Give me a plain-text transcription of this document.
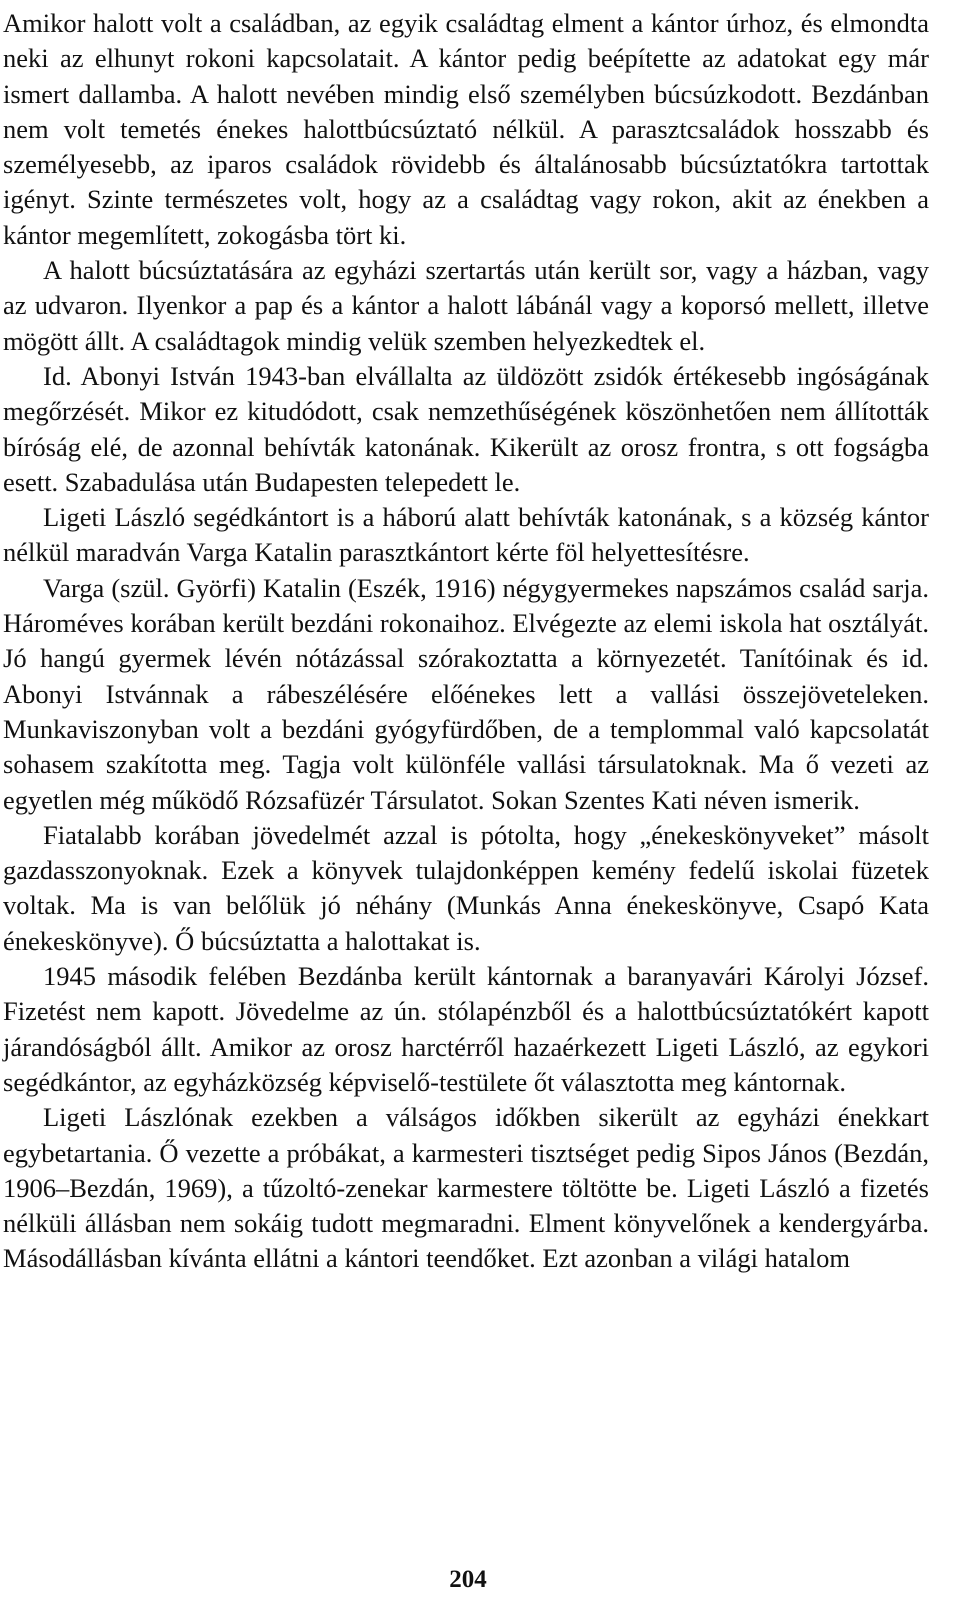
Amikor halott volt a családban, az egyik családtag elment a kántor úrhoz, és elmondta neki az elhunyt rokoni kapcsolatait. A kántor pedig beépítette az adatokat egy már ismert dallamba. A halott nevében mindig első személyben búcsúzkodott. Bezdánban nem volt temetés énekes halottbúcsúztató nélkül. A parasztcsaládok hosszabb és személyesebb, az iparos családok rövidebb és általánosabb búcsúztatókra tartottak igényt. Szinte természetes volt, hogy az a családtag vagy rokon, akit az énekben a kántor megemlített, zokogásba tört ki.

A halott búcsúztatására az egyházi szertartás után került sor, vagy a házban, vagy az udvaron. Ilyenkor a pap és a kántor a halott lábánál vagy a koporsó mellett, illetve mögött állt. A családtagok mindig velük szemben helyezkedtek el.

Id. Abonyi István 1943-ban elvállalta az üldözött zsidók értékesebb ingóságának megőrzését. Mikor ez kitudódott, csak nemzethűségének köszönhetően nem állították bíróság elé, de azonnal behívták katonának. Kikerült az orosz frontra, s ott fogságba esett. Szabadulása után Budapesten telepedett le.

Ligeti László segédkántort is a háború alatt behívták katonának, s a község kántor nélkül maradván Varga Katalin parasztkántort kérte föl helyettesítésre.

Varga (szül. Györfi) Katalin (Eszék, 1916) négygyermekes napszámos család sarja. Hároméves korában került bezdáni rokonaihoz. Elvégezte az elemi iskola hat osztályát. Jó hangú gyermek lévén nótázással szórakoztatta a környezetét. Tanítóinak és id. Abonyi Istvánnak a rábeszélésére előénekes lett a vallási összejöveteleken. Munkaviszonyban volt a bezdáni gyógyfürdőben, de a templommal való kapcsolatát sohasem szakította meg. Tagja volt különféle vallási társulatoknak. Ma ő vezeti az egyetlen még működő Rózsafüzér Társulatot. Sokan Szentes Kati néven ismerik.

Fiatalabb korában jövedelmét azzal is pótolta, hogy „énekeskönyveket” másolt gazdasszonyoknak. Ezek a könyvek tulajdonképpen kemény fedelű iskolai füzetek voltak. Ma is van belőlük jó néhány (Munkás Anna énekeskönyve, Csapó Kata énekeskönyve). Ő búcsúztatta a halottakat is.

1945 második felében Bezdánba került kántornak a baranyavári Károlyi József. Fizetést nem kapott. Jövedelme az ún. stólapénzből és a halottbúcsúztatókért kapott járandóságból állt. Amikor az orosz harctérről hazaérkezett Ligeti László, az egykori segédkántor, az egyházközség képviselő-testülete őt választotta meg kántornak.

Ligeti Lászlónak ezekben a válságos időkben sikerült az egyházi énekkart egybetartania. Ő vezette a próbákat, a karmesteri tisztséget pedig Sipos János (Bezdán, 1906–Bezdán, 1969), a tűzoltó-zenekar karmestere töltötte be. Ligeti László a fizetés nélküli állásban nem sokáig tudott megmaradni. Elment könyvelőnek a kendergyárba. Másodállásban kívánta ellátni a kántori teendőket. Ezt azonban a világi hatalom

204
